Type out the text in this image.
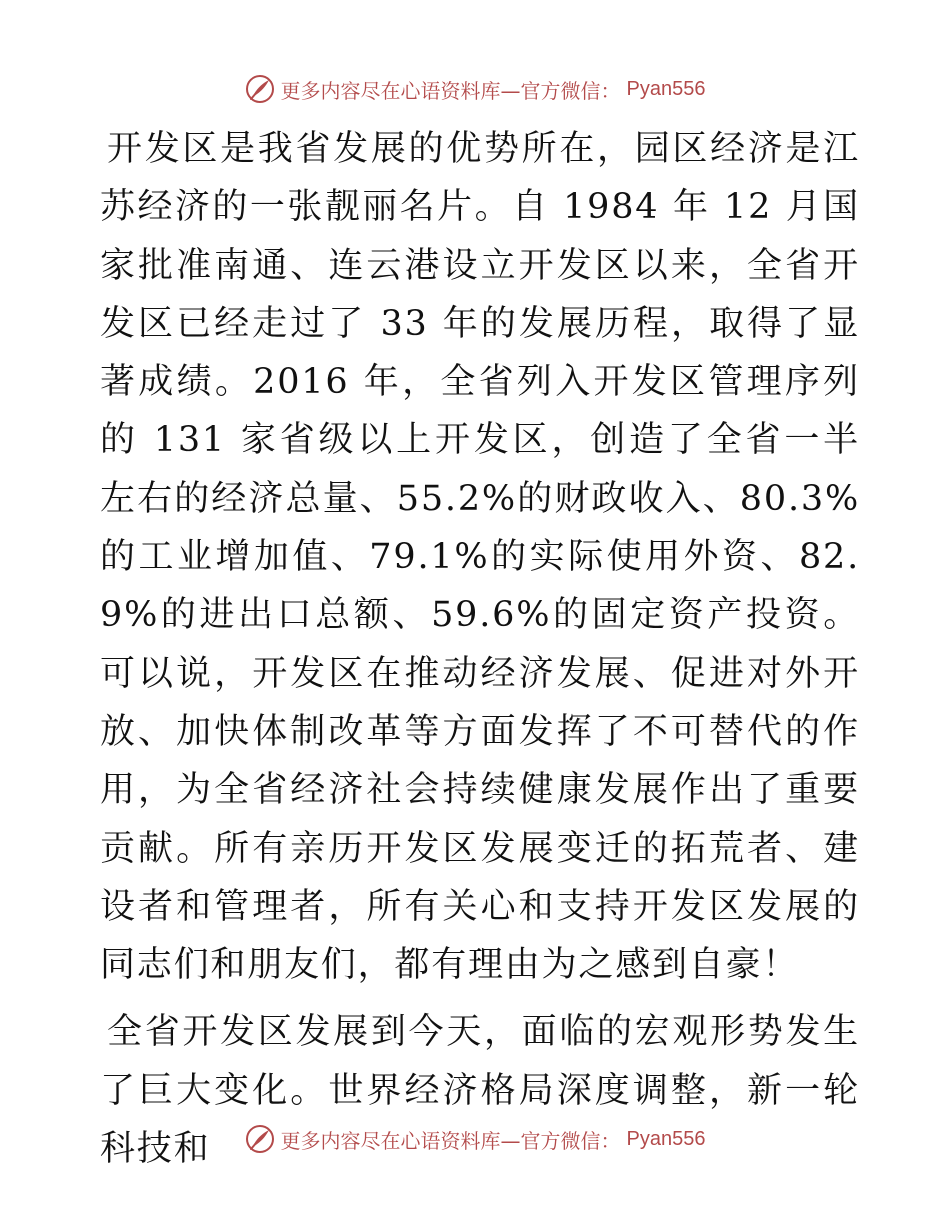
更多内容尽在心语资料库—官方微信： Pyan556

开发区是我省发展的优势所在，园区经济是江苏经济的一张靓丽名片。自 1984 年 12 月国家批准南通、连云港设立开发区以来，全省开发区已经走过了 33 年的发展历程，取得了显著成绩。2016 年，全省列入开发区管理序列的 131 家省级以上开发区，创造了全省一半左右的经济总量、55.2%的财政收入、80.3%的工业增加值、79.1%的实际使用外资、82.9%的进出口总额、59.6%的固定资产投资。可以说，开发区在推动经济发展、促进对外开放、加快体制改革等方面发挥了不可替代的作用，为全省经济社会持续健康发展作出了重要贡献。所有亲历开发区发展变迁的拓荒者、建设者和管理者，所有关心和支持开发区发展的同志们和朋友们，都有理由为之感到自豪！

全省开发区发展到今天，面临的宏观形势发生了巨大变化。世界经济格局深度调整，新一轮科技和	更多内容尽在心语资料库—官方微信： Pyan556
